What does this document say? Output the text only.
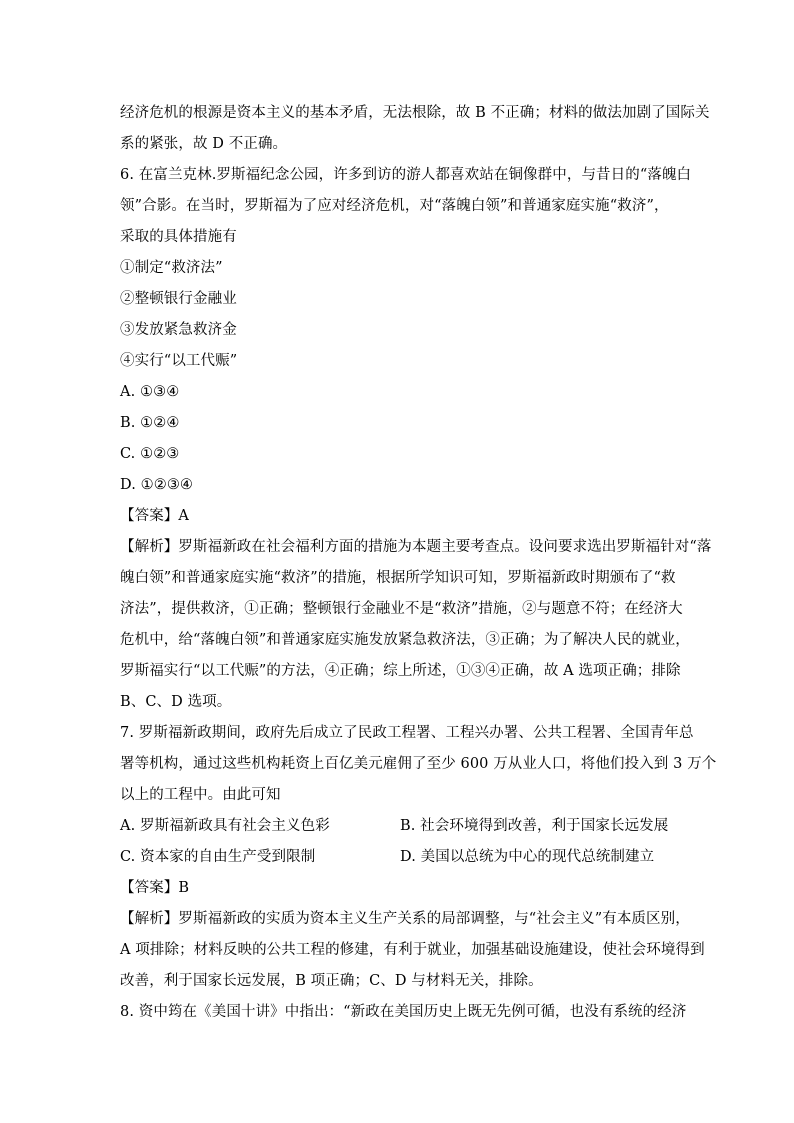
经济危机的根源是资本主义的基本矛盾，无法根除，故 B 不正确；材料的做法加剧了国际关
系的紧张，故 D 不正确。
6. 在富兰克林.罗斯福纪念公园，许多到访的游人都喜欢站在铜像群中，与昔日的“落魄白
领”合影。在当时，罗斯福为了应对经济危机，对“落魄白领”和普通家庭实施“救济”，
采取的具体措施有
①制定“救济法”
②整顿银行金融业
③发放紧急救济金
④实行“以工代赈”
A. ①③④
B. ①②④
C. ①②③
D. ①②③④
【答案】A
【解析】罗斯福新政在社会福利方面的措施为本题主要考查点。设问要求选出罗斯福针对“落
魄白领”和普通家庭实施“救济”的措施，根据所学知识可知，罗斯福新政时期颁布了“救
济法”，提供救济，①正确；整顿银行金融业不是“救济”措施，②与题意不符；在经济大
危机中，给“落魄白领”和普通家庭实施发放紧急救济法，③正确；为了解决人民的就业，
罗斯福实行“以工代赈”的方法，④正确；综上所述，①③④正确，故 A 选项正确；排除
B、C、D 选项。
7. 罗斯福新政期间，政府先后成立了民政工程署、工程兴办署、公共工程署、全国青年总
署等机构，通过这些机构耗资上百亿美元雇佣了至少 600 万从业人口，将他们投入到 3 万个
以上的工程中。由此可知
A. 罗斯福新政具有社会主义色彩	B. 社会环境得到改善，利于国家长远发展
C. 资本家的自由生产受到限制	D. 美国以总统为中心的现代总统制建立
【答案】B
【解析】罗斯福新政的实质为资本主义生产关系的局部调整，与“社会主义”有本质区别，
A 项排除；材料反映的公共工程的修建，有利于就业，加强基础设施建设，使社会环境得到
改善，利于国家长远发展，B 项正确；C、D 与材料无关，排除。
8. 资中筠在《美国十讲》中指出：“新政在美国历史上既无先例可循，也没有系统的经济
